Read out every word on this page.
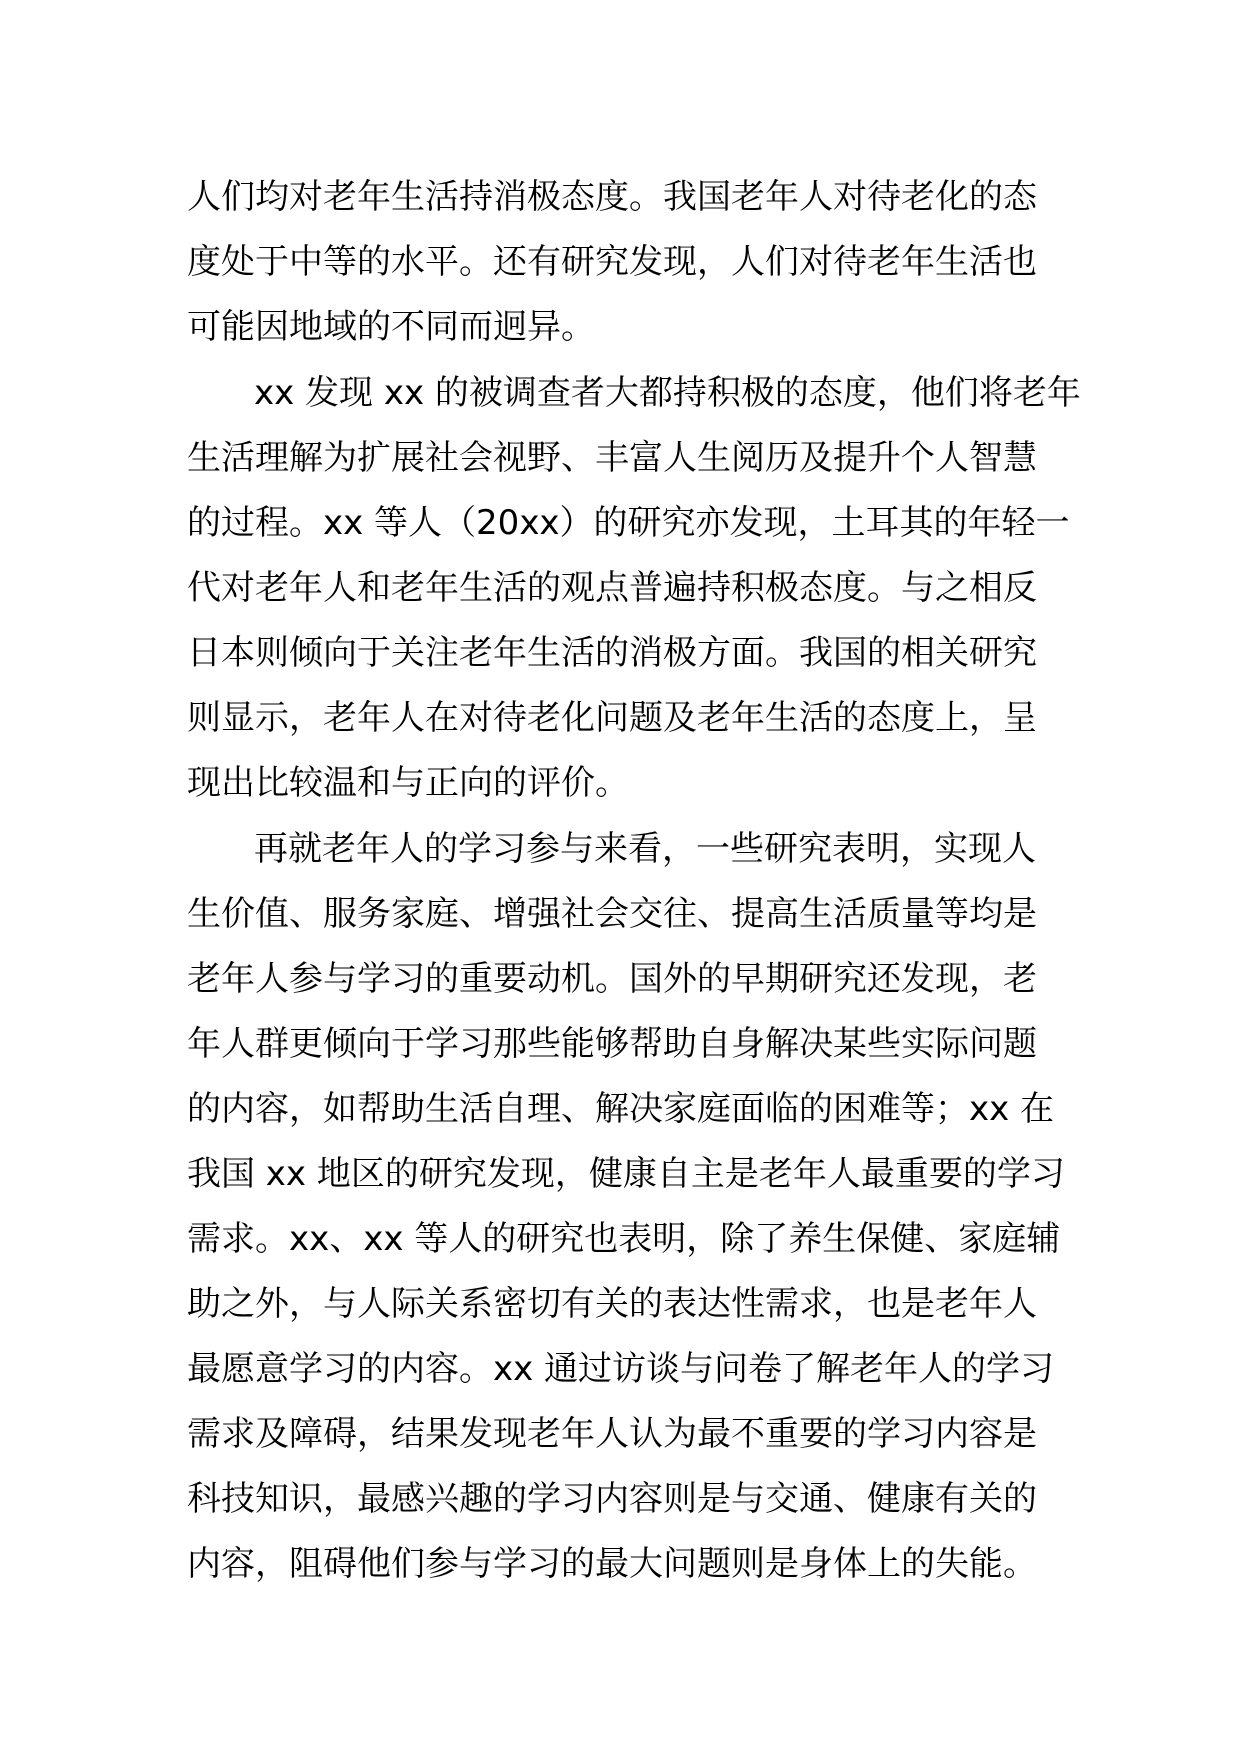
人们均对老年生活持消极态度。我国老年人对待老化的态
度处于中等的水平。还有研究发现，人们对待老年生活也
可能因地域的不同而迥异。
xx 发现 xx 的被调查者大都持积极的态度，他们将老年
生活理解为扩展社会视野、丰富人生阅历及提升个人智慧
的过程。xx 等人（20xx）的研究亦发现，土耳其的年轻一
代对老年人和老年生活的观点普遍持积极态度。与之相反
日本则倾向于关注老年生活的消极方面。我国的相关研究
则显示，老年人在对待老化问题及老年生活的态度上，呈
现出比较温和与正向的评价。
再就老年人的学习参与来看，一些研究表明，实现人
生价值、服务家庭、增强社会交往、提高生活质量等均是
老年人参与学习的重要动机。国外的早期研究还发现，老
年人群更倾向于学习那些能够帮助自身解决某些实际问题
的内容，如帮助生活自理、解决家庭面临的困难等；xx 在
我国 xx 地区的研究发现，健康自主是老年人最重要的学习
需求。xx、xx 等人的研究也表明，除了养生保健、家庭辅
助之外，与人际关系密切有关的表达性需求，也是老年人
最愿意学习的内容。xx 通过访谈与问卷了解老年人的学习
需求及障碍，结果发现老年人认为最不重要的学习内容是
科技知识，最感兴趣的学习内容则是与交通、健康有关的
内容，阻碍他们参与学习的最大问题则是身体上的失能。
